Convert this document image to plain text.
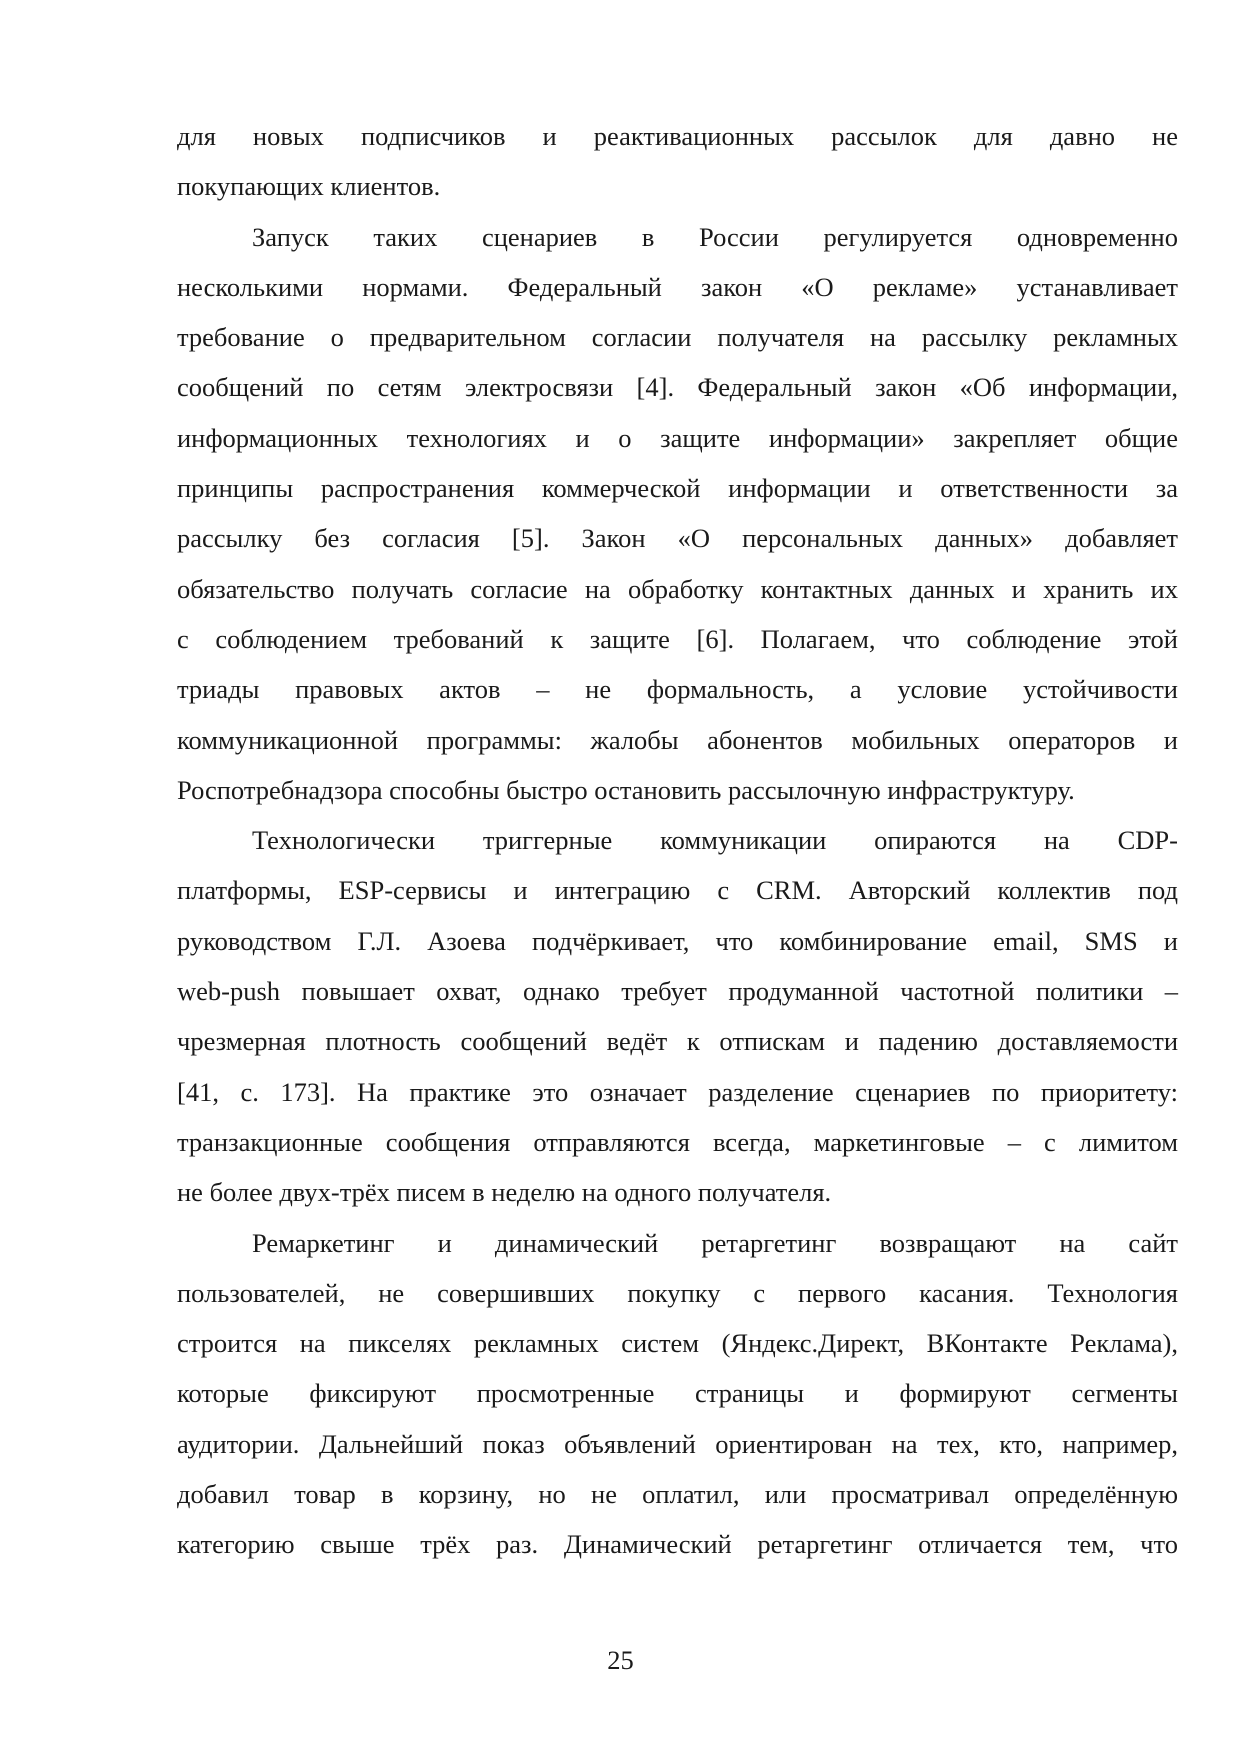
для новых подписчиков и реактивационных рассылок для давно не
покупающих клиентов.
Запуск таких сценариев в России регулируется одновременно
несколькими нормами. Федеральный закон «О рекламе» устанавливает
требование о предварительном согласии получателя на рассылку рекламных
сообщений по сетям электросвязи [4]. Федеральный закон «Об информации,
информационных технологиях и о защите информации» закрепляет общие
принципы распространения коммерческой информации и ответственности за
рассылку без согласия [5]. Закон «О персональных данных» добавляет
обязательство получать согласие на обработку контактных данных и хранить их
с соблюдением требований к защите [6]. Полагаем, что соблюдение этой
триады правовых актов – не формальность, а условие устойчивости
коммуникационной программы: жалобы абонентов мобильных операторов и
Роспотребнадзора способны быстро остановить рассылочную инфраструктуру.
Технологически триггерные коммуникации опираются на CDP-
платформы, ESP-сервисы и интеграцию с CRM. Авторский коллектив под
руководством Г.Л. Азоева подчёркивает, что комбинирование email, SMS и
web-push повышает охват, однако требует продуманной частотной политики –
чрезмерная плотность сообщений ведёт к отпискам и падению доставляемости
[41, с. 173]. На практике это означает разделение сценариев по приоритету:
транзакционные сообщения отправляются всегда, маркетинговые – с лимитом
не более двух-трёх писем в неделю на одного получателя.
Ремаркетинг и динамический ретаргетинг возвращают на сайт
пользователей, не совершивших покупку с первого касания. Технология
строится на пикселях рекламных систем (Яндекс.Директ, ВКонтакте Реклама),
которые фиксируют просмотренные страницы и формируют сегменты
аудитории. Дальнейший показ объявлений ориентирован на тех, кто, например,
добавил товар в корзину, но не оплатил, или просматривал определённую
категорию свыше трёх раз. Динамический ретаргетинг отличается тем, что
25
